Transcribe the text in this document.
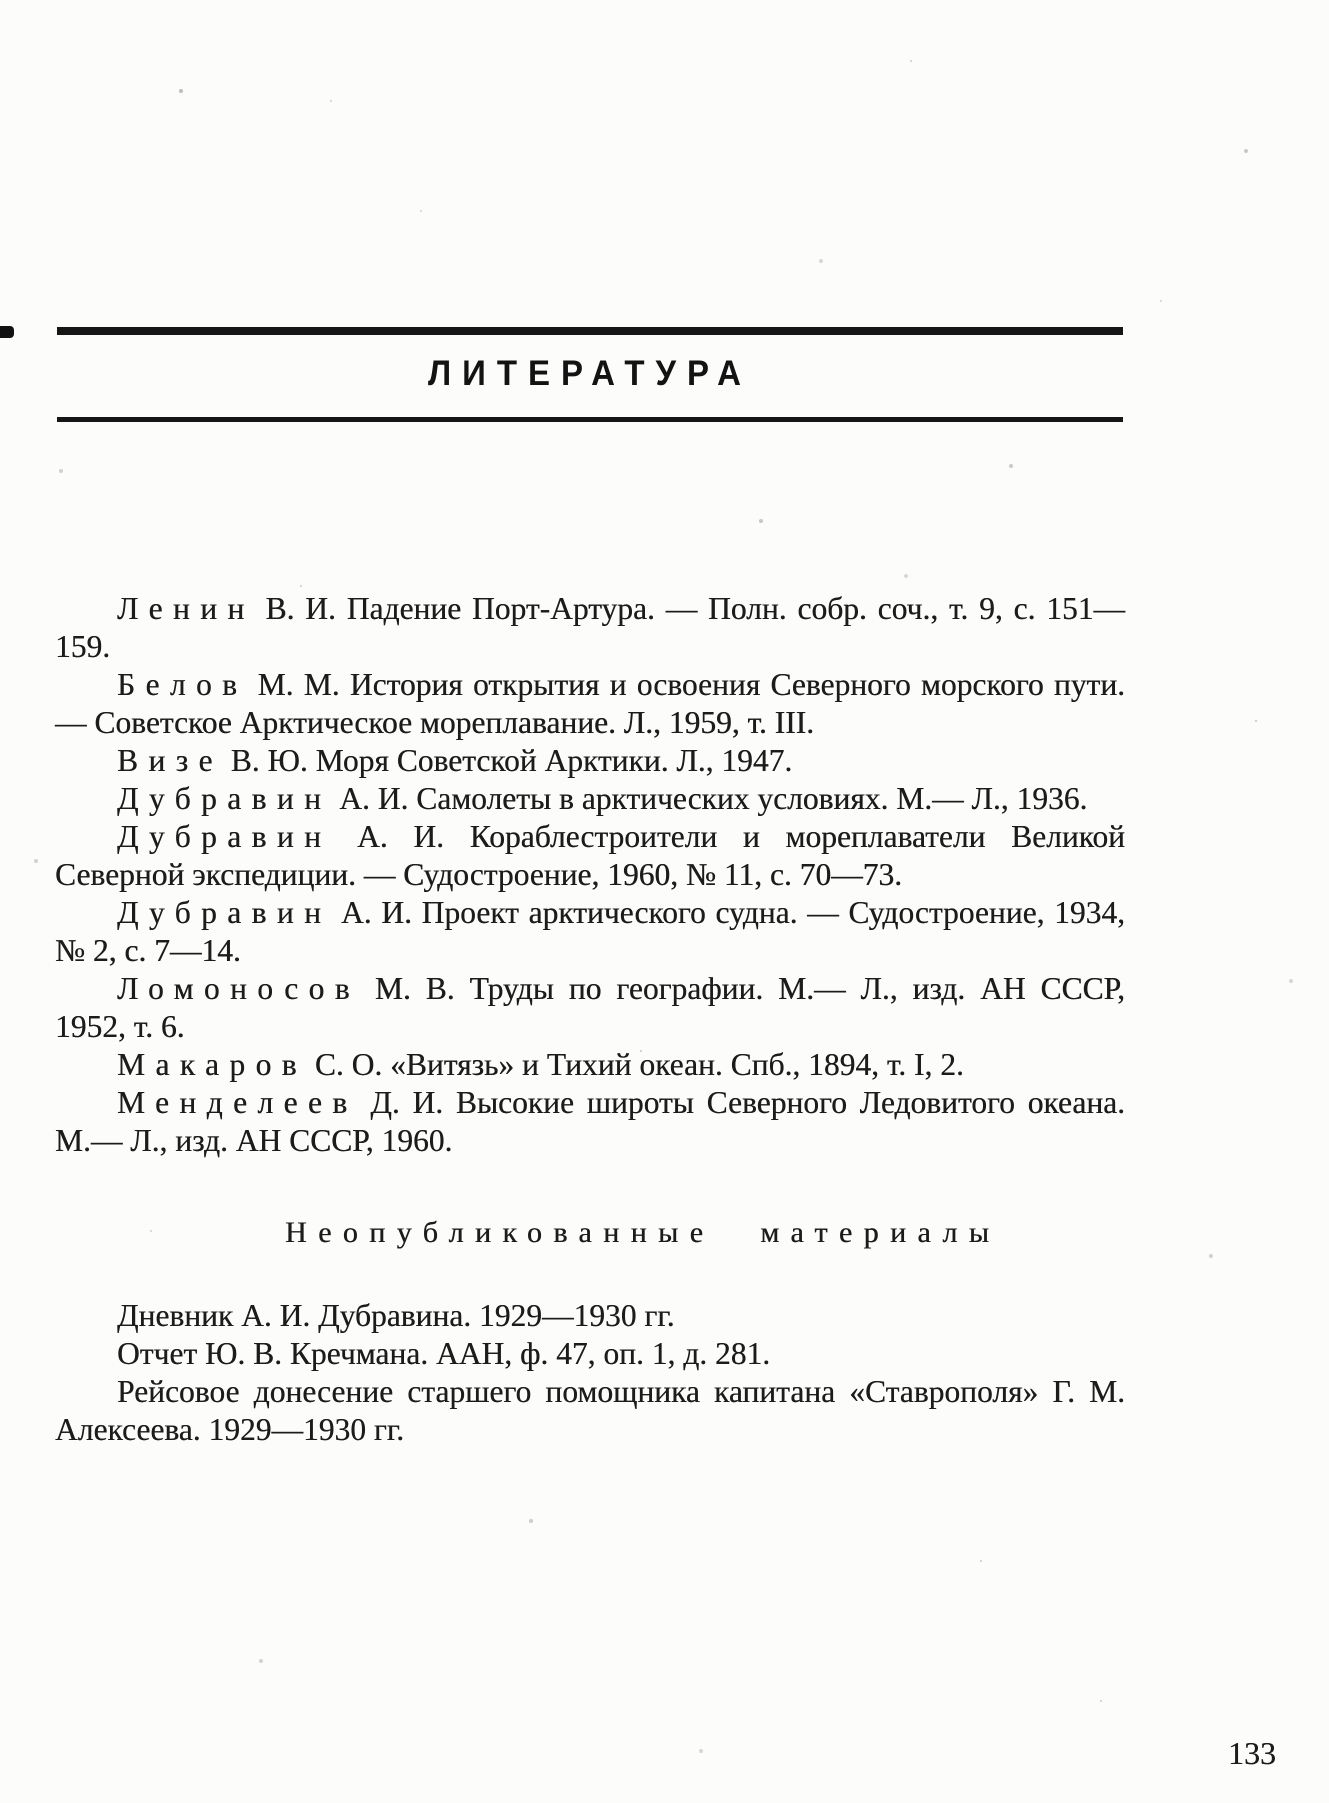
ЛИТЕРАТУРА

Ленин В. И. Падение Порт-Артура. — Полн. собр. соч., т. 9, с. 151—159.

Белов М. М. История открытия и освоения Северного морского пути.— Советское Арктическое мореплавание. Л., 1959, т. III.

Визе В. Ю. Моря Советской Арктики. Л., 1947.

Дубравин А. И. Самолеты в арктических условиях. М.— Л., 1936.

Дубравин А. И. Кораблестроители и мореплаватели Великой Северной экспедиции. — Судостроение, 1960, № 11, с. 70—73.

Дубравин А. И. Проект арктического судна. — Судостроение, 1934, № 2, с. 7—14.

Ломоносов М. В. Труды по географии. М.— Л., изд. АН СССР, 1952, т. 6.

Макаров С. О. «Витязь» и Тихий океан. Спб., 1894, т. I, 2.

Менделеев Д. И. Высокие широты Северного Ледовитого океана. М.— Л., изд. АН СССР, 1960.

Неопубликованные материалы

Дневник А. И. Дубравина. 1929—1930 гг.

Отчет Ю. В. Кречмана. ААН, ф. 47, оп. 1, д. 281.

Рейсовое донесение старшего помощника капитана «Ставрополя» Г. М. Алексеева. 1929—1930 гг.

133
